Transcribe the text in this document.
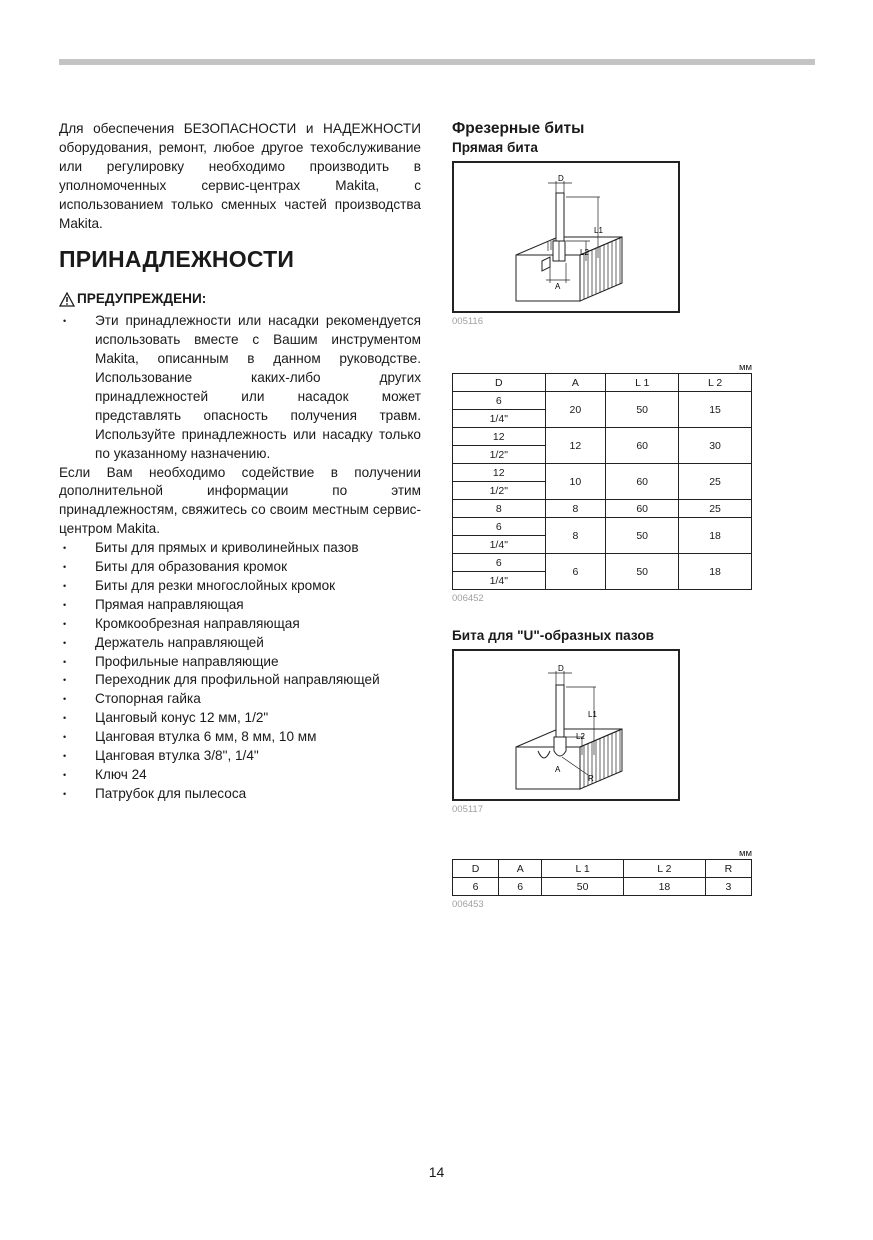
Для обеспечения БЕЗОПАСНОСТИ и НАДЕЖНОСТИ оборудования, ремонт, любое другое техобслуживание или регулировку необходимо производить в уполномоченных сервис-центрах Makita, с использованием только сменных частей производства Makita.

ПРИНАДЛЕЖНОСТИ
ПРЕДУПРЕЖДЕНИ:
• Эти принадлежности или насадки рекомендуется использовать вместе с Вашим инструментом Makita, описанным в данном руководстве. Использование каких-либо других принадлежностей или насадок может представлять опасность получения травм. Используйте принадлежность или насадку только по указанному назначению.

Если Вам необходимо содействие в получении дополнительной информации по этим принадлежностям, свяжитесь со своим местным сервис-центром Makita.

• Биты для прямых и криволинейных пазов
• Биты для образования кромок
• Биты для резки многослойных кромок
• Прямая направляющая
• Кромкообрезная направляющая
• Держатель направляющей
• Профильные направляющие
• Переходник для профильной направляющей
• Стопорная гайка
• Цанговый конус 12 мм, 1/2"
• Цанговая втулка 6 мм, 8 мм, 10 мм
• Цанговая втулка 3/8", 1/4"
• Ключ 24
• Патрубок для пылесоса
Фрезерные биты
Прямая бита
D
L1
L2
A
005116

мм

D	A	L 1	L 2
6	20	50	15
1/4"			
12	12	60	30
1/2"			
12	10	60	25
1/2"			
8	8	60	25
6	8	50	18
1/4"			
6	6	50	18
1/4"			
006452
Бита для "U"-образных пазов
D
L1
L2
A
R
005117

мм

D	A	L 1	L 2	R
6	6	50	18	3
006453
14
